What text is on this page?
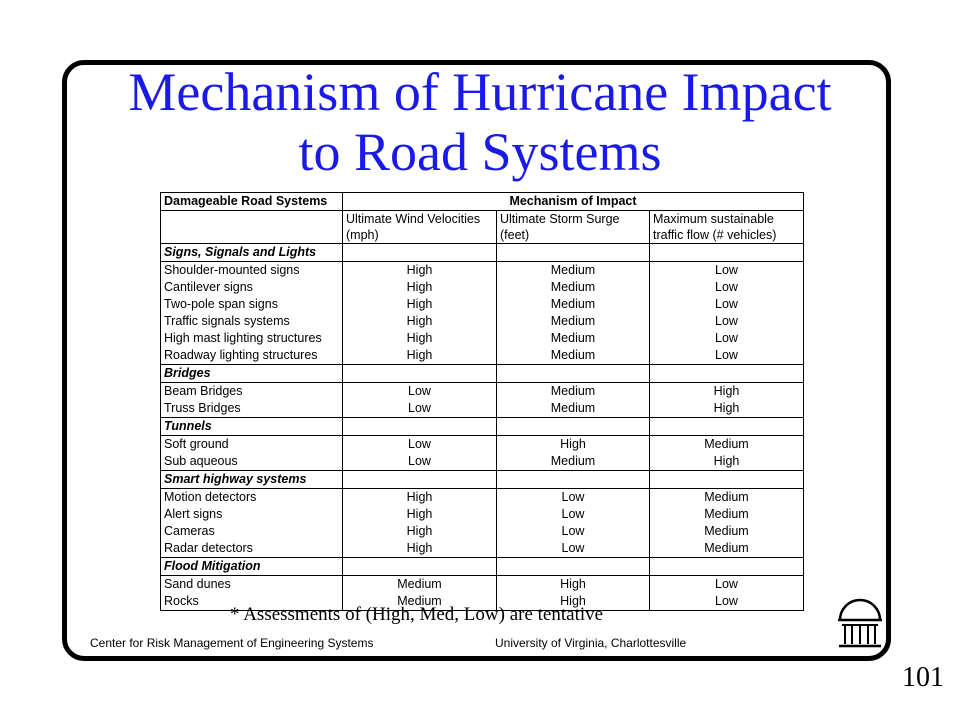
Mechanism of Hurricane Impact
to Road Systems
Damageable Road Systems	Mechanism of Impact		
	Ultimate Wind Velocities	Ultimate Storm Surge	Maximum sustainable
	(mph)	(feet)	traffic flow (# vehicles)
Signs, Signals and Lights			
Shoulder-mounted signs	High	Medium	Low
Cantilever signs	High	Medium	Low
Two-pole span signs	High	Medium	Low
Traffic signals systems	High	Medium	Low
High mast lighting structures	High	Medium	Low
Roadway lighting structures	High	Medium	Low
Bridges			
Beam Bridges	Low	Medium	High
Truss Bridges	Low	Medium	High
Tunnels			
Soft ground	Low	High	Medium
Sub aqueous	Low	Medium	High
Smart highway systems			
Motion detectors	High	Low	Medium
Alert signs	High	Low	Medium
Cameras	High	Low	Medium
Radar detectors	High	Low	Medium
Flood Mitigation			
Sand dunes	Medium	High	Low
Rocks	Medium	High	Low
* Assessments of (High, Med, Low) are tentative
Center for Risk Management of Engineering Systems	University of Virginia, Charlottesville
101
